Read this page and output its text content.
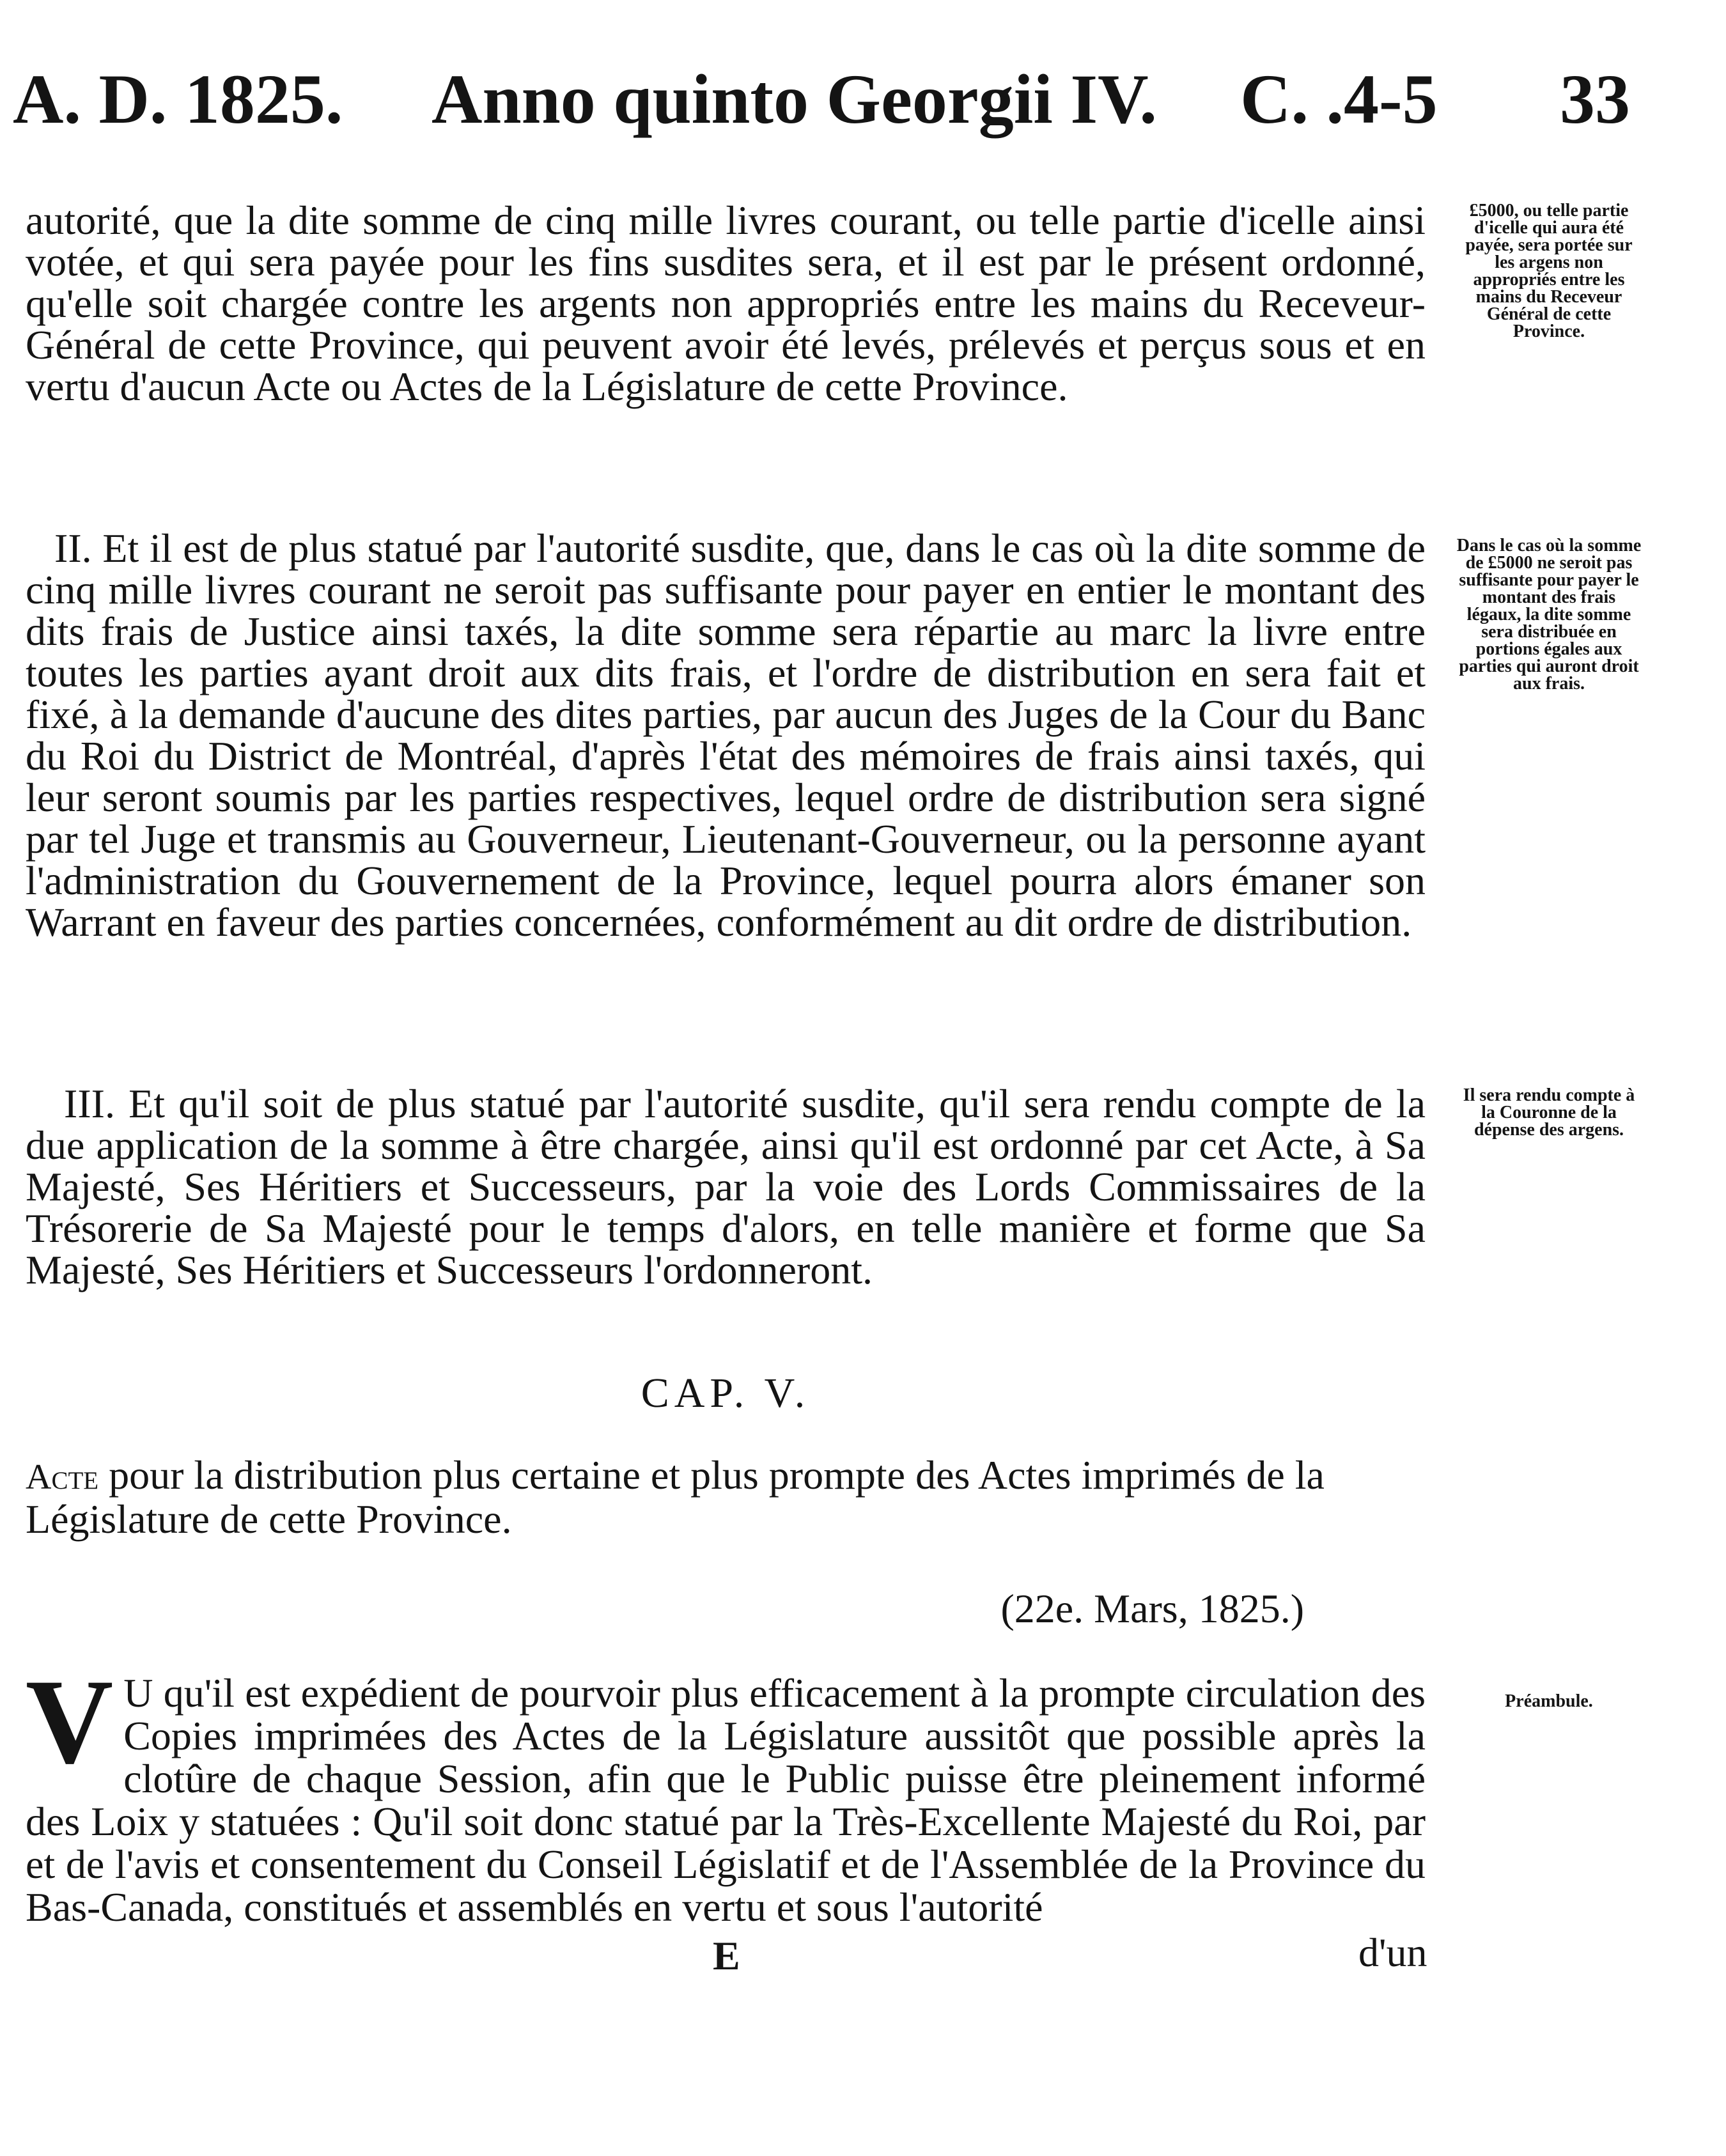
A. D. 1825. Anno quinto Georgii IV. C. .4-5 33
autorité, que la dite somme de cinq mille livres courant, ou telle partie d'icelle ainsi votée, et qui sera payée pour les fins susdites sera, et il est par le présent ordonné, qu'elle soit chargée contre les argents non appropriés entre les mains du Receveur-Général de cette Province, qui peuvent avoir été levés, prélevés et perçus sous et en vertu d'aucun Acte ou Actes de la Législature de cette Province.
£5000, ou telle partie d'icelle qui aura été payée, sera portée sur les argens non appropriés entre les mains du Receveur Général de cette Province.
II. Et il est de plus statué par l'autorité susdite, que, dans le cas où la dite somme de cinq mille livres courant ne seroit pas suffisante pour payer en entier le montant des dits frais de Justice ainsi taxés, la dite somme sera répartie au marc la livre entre toutes les parties ayant droit aux dits frais, et l'ordre de distribution en sera fait et fixé, à la demande d'aucune des dites parties, par aucun des Juges de la Cour du Banc du Roi du District de Montréal, d'après l'état des mémoires de frais ainsi taxés, qui leur seront soumis par les parties respectives, lequel ordre de distribution sera signé par tel Juge et transmis au Gouverneur, Lieutenant-Gouverneur, ou la personne ayant l'administration du Gouvernement de la Province, lequel pourra alors émaner son Warrant en faveur des parties concernées, conformément au dit ordre de distribution.
Dans le cas où la somme de £5000 ne seroit pas suffisante pour payer le montant des frais légaux, la dite somme sera distribuée en portions égales aux parties qui auront droit aux frais.
III. Et qu'il soit de plus statué par l'autorité susdite, qu'il sera rendu compte de la due application de la somme à être chargée, ainsi qu'il est ordonné par cet Acte, à Sa Majesté, Ses Héritiers et Successeurs, par la voie des Lords Commissaires de la Trésorerie de Sa Majesté pour le temps d'alors, en telle manière et forme que Sa Majesté, Ses Héritiers et Successeurs l'ordonneront.
Il sera rendu compte à la Couronne de la dépense des argens.
CAP. V.
Acte pour la distribution plus certaine et plus prompte des Actes imprimés de la Législature de cette Province.
(22e. Mars, 1825.)
V U qu'il est expédient de pourvoir plus efficacement à la prompte circulation des Copies imprimées des Actes de la Législature aussitôt que possible après la clotûre de chaque Session, afin que le Public puisse être pleinement informé des Loix y statuées : Qu'il soit donc statué par la Très-Excellente Majesté du Roi, par et de l'avis et consentement du Conseil Législatif et de l'Assemblée de la Province du Bas-Canada, constitués et assemblés en vertu et sous l'autorité
Préambule.
E	d'un
